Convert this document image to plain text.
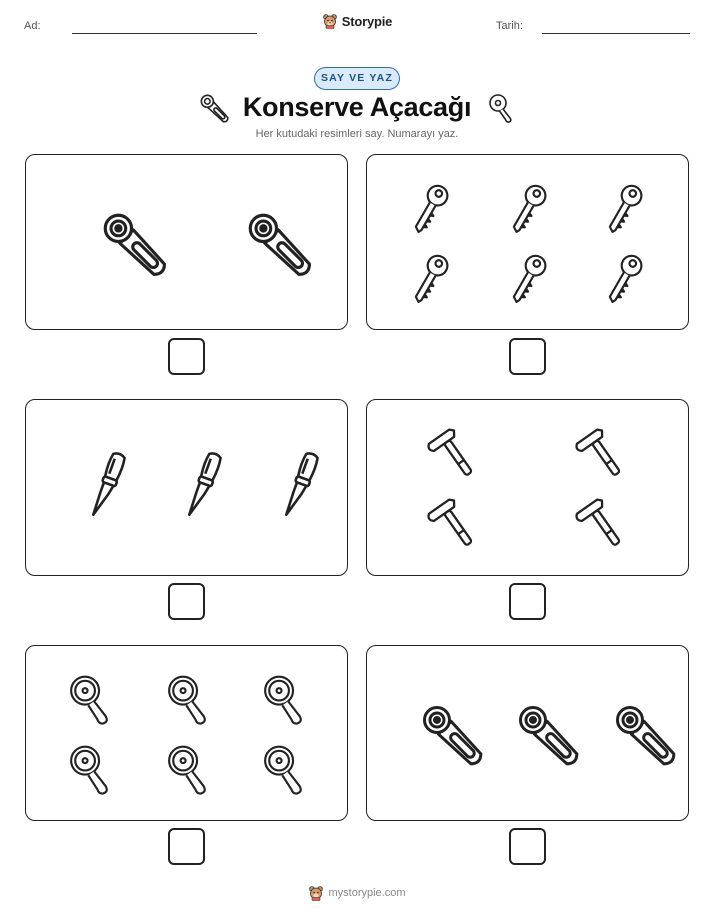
Ad:	Storypie	Tarih:
SAY VE YAZ
Konserve Açacağı
Her kutudaki resimleri say. Numarayı yaz.
mystorypie.com
